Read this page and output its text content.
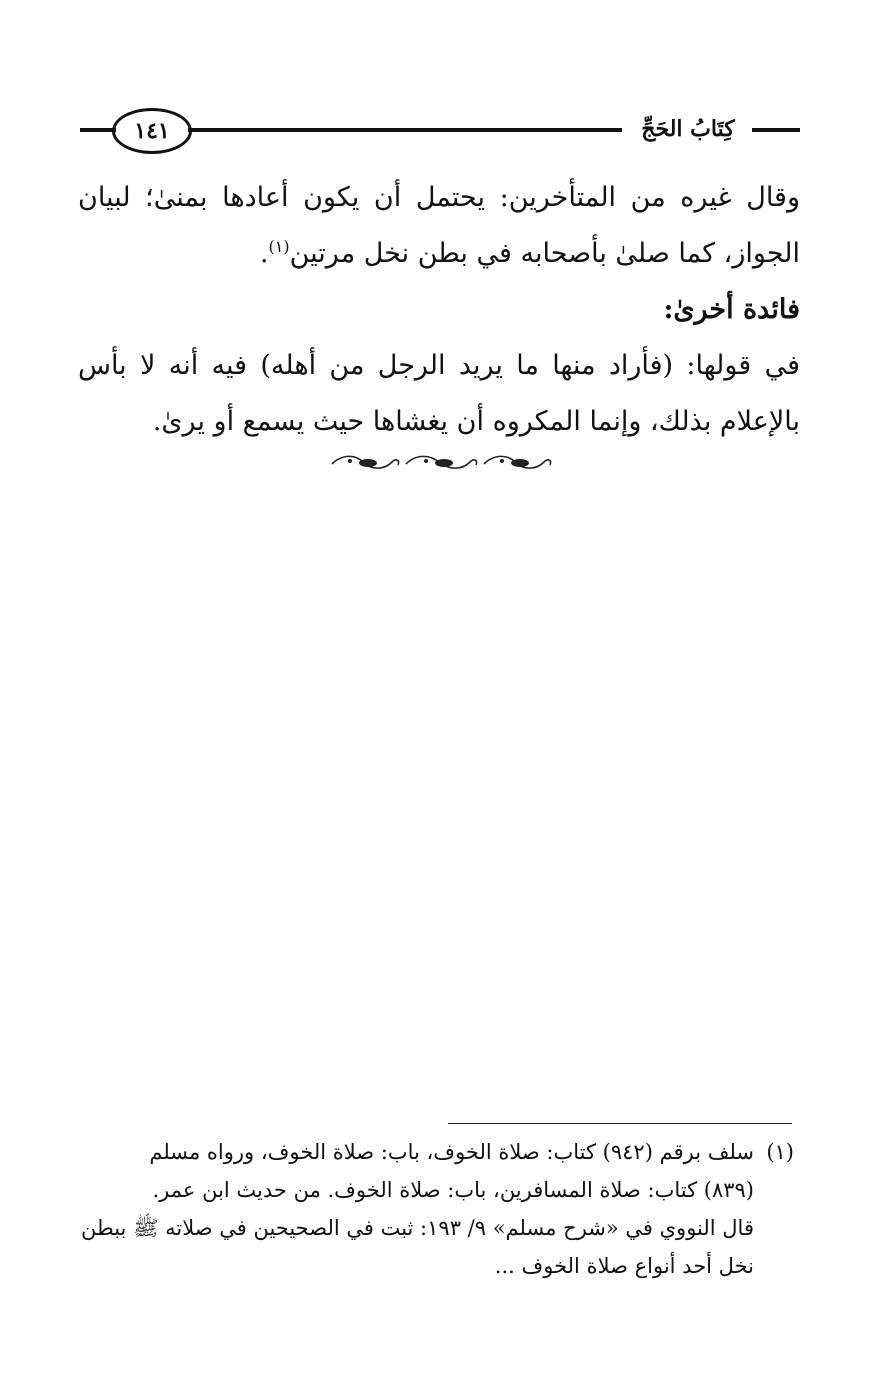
١٤١	كِتَابُ الحَجِّ

وقال غيره من المتأخرين: يحتمل أن يكون أعادها بمنىٰ؛ لبيان الجواز، كما صلىٰ بأصحابه في بطن نخل مرتين$^{(١)}$.

فائدة أخرىٰ:

في قولها: (فأراد منها ما يريد الرجل من أهله) فيه أنه لا بأس بالإعلام بذلك، وإنما المكروه أن يغشاها حيث يسمع أو يرىٰ.

(١)
سلف برقم (٩٤٢) كتاب: صلاة الخوف، باب: صلاة الخوف، ورواه مسلم
(٨٣٩) كتاب: صلاة المسافرين، باب: صلاة الخوف. من حديث ابن عمر.
قال النووي في «شرح مسلم» ٩/ ١٩٣: ثبت في الصحيحين في صلاته ﷺ ببطن
نخل أحد أنواع صلاة الخوف ...
